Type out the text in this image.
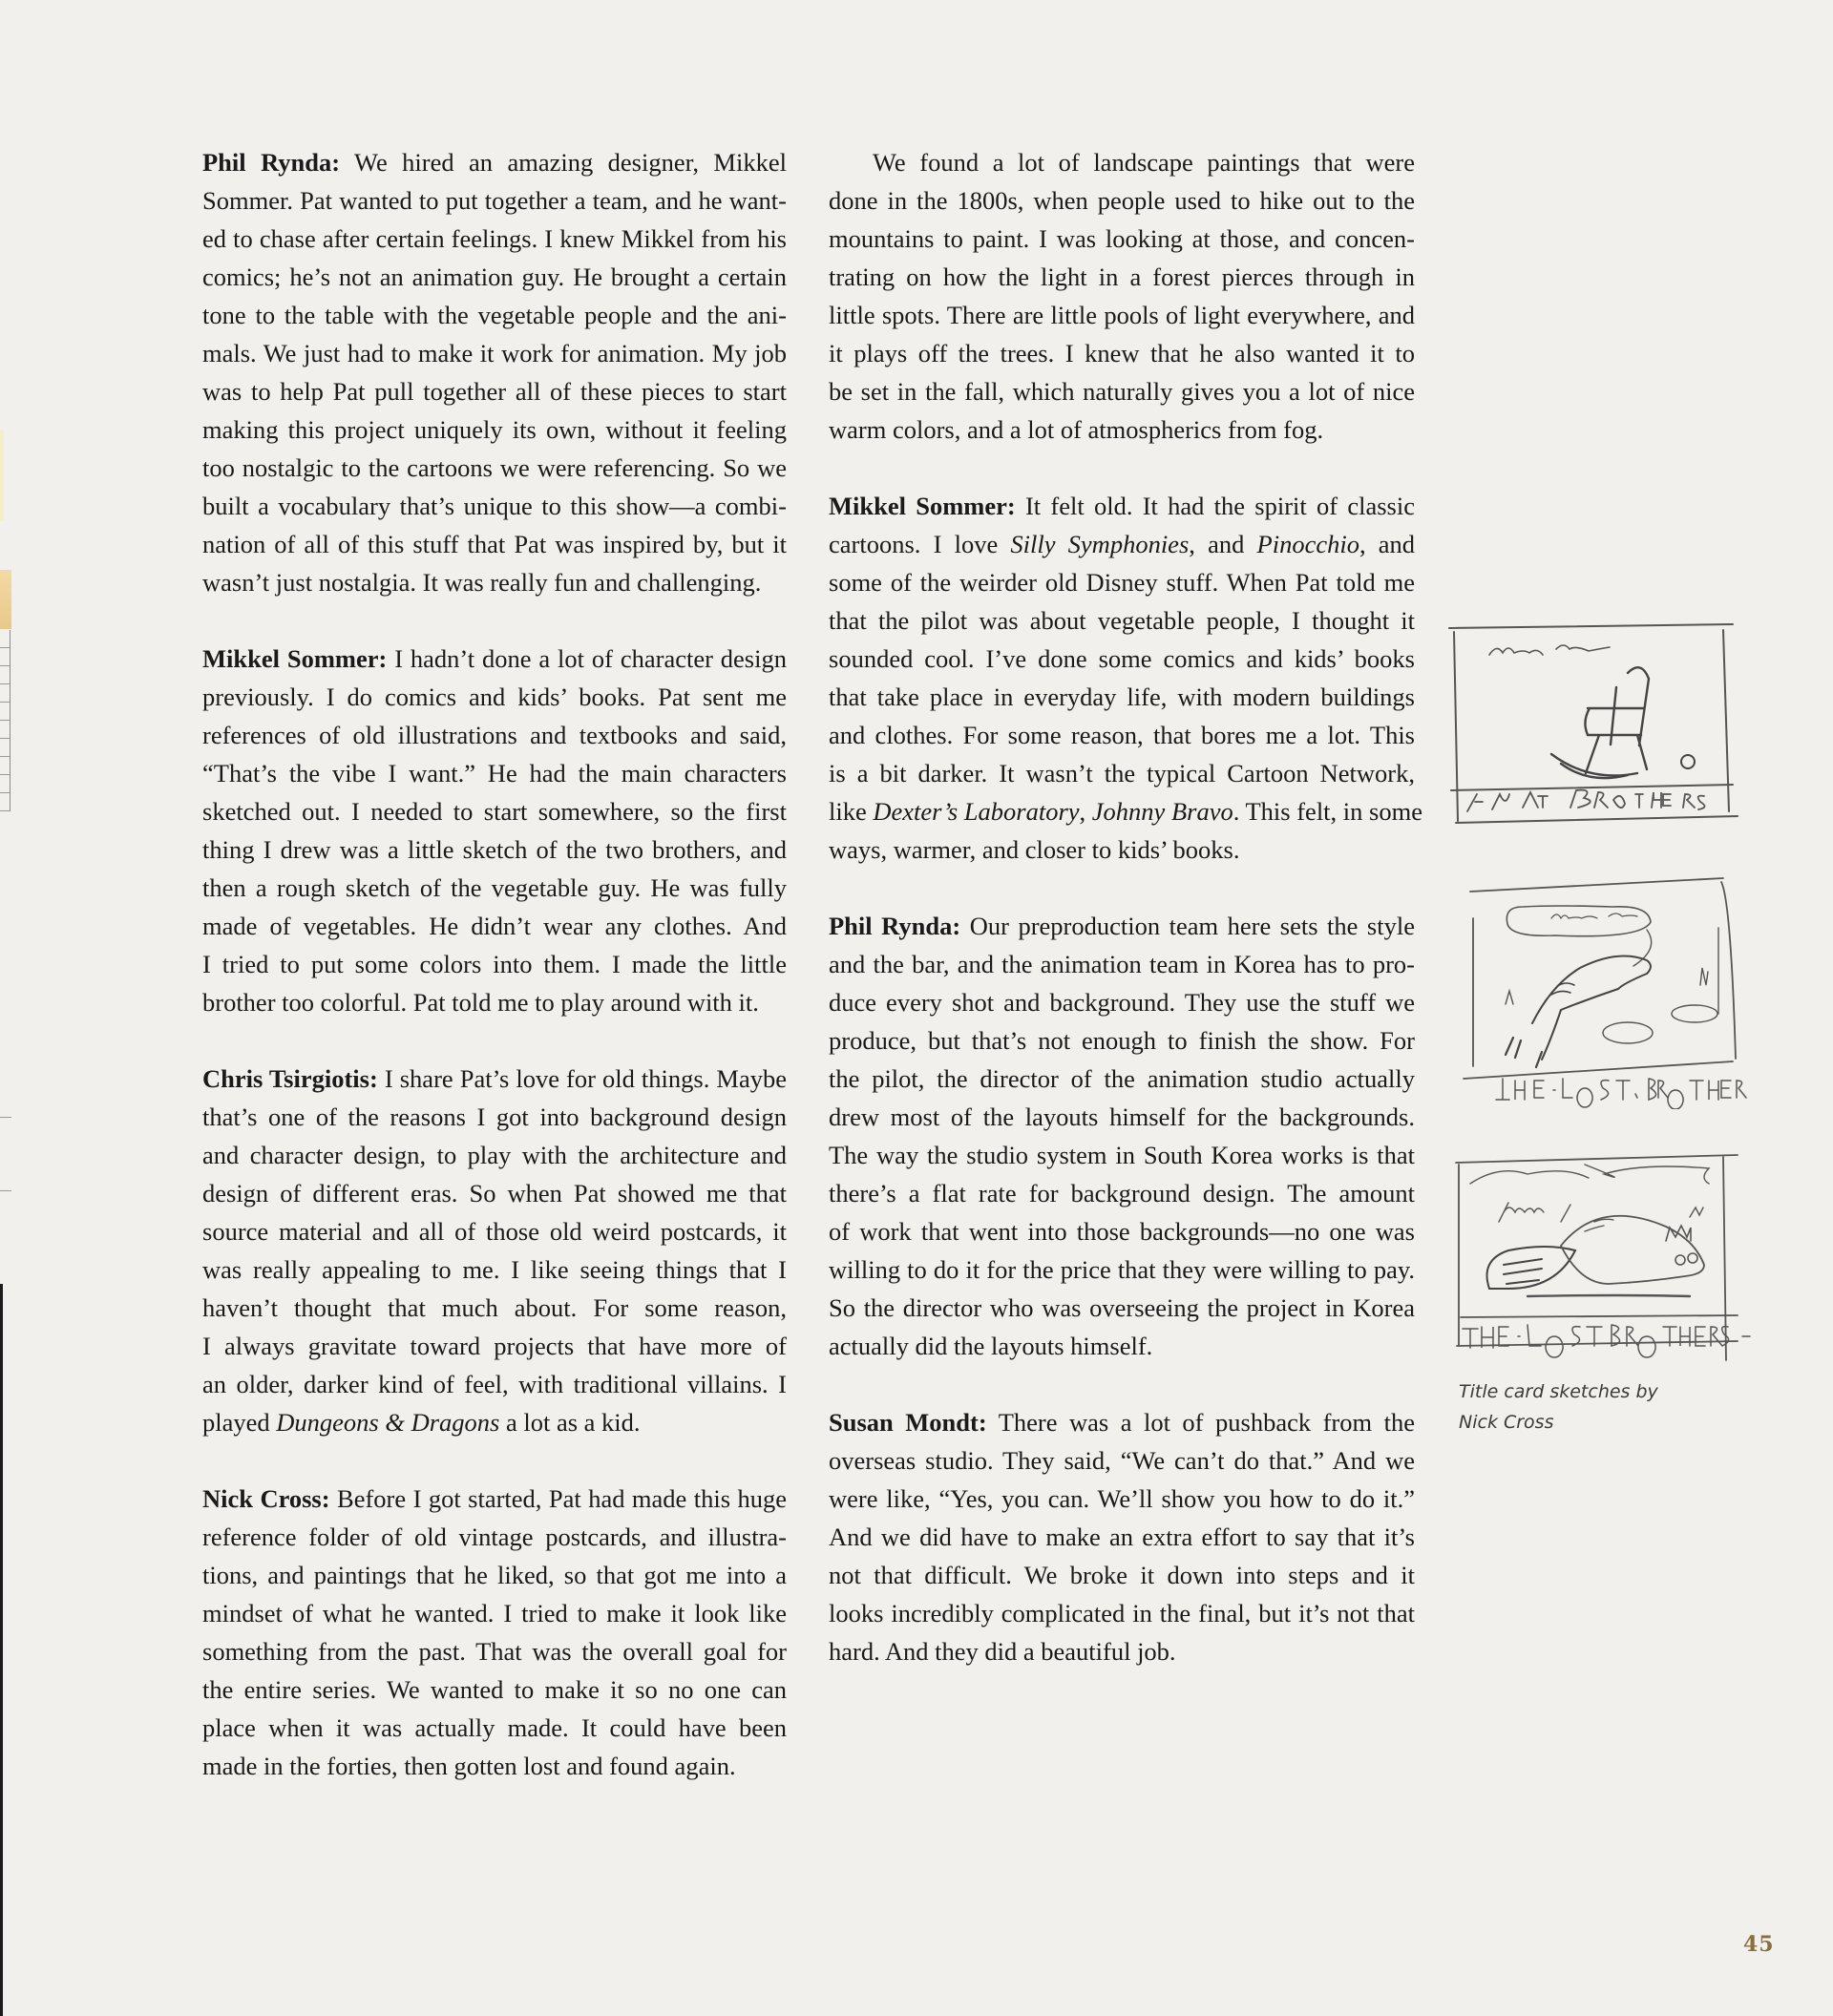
Phil Rynda: We hired an amazing designer, Mikkel
Sommer. Pat wanted to put together a team, and he want-
ed to chase after certain feelings. I knew Mikkel from his
comics; he’s not an animation guy. He brought a certain
tone to the table with the vegetable people and the ani-
mals. We just had to make it work for animation. My job
was to help Pat pull together all of these pieces to start
making this project uniquely its own, without it feeling
too nostalgic to the cartoons we were referencing. So we
built a vocabulary that’s unique to this show—a combi-
nation of all of this stuff that Pat was inspired by, but it
wasn’t just nostalgia. It was really fun and challenging.
Mikkel Sommer: I hadn’t done a lot of character design
previously. I do comics and kids’ books. Pat sent me
references of old illustrations and textbooks and said,
“That’s the vibe I want.” He had the main characters
sketched out. I needed to start somewhere, so the first
thing I drew was a little sketch of the two brothers, and
then a rough sketch of the vegetable guy. He was fully
made of vegetables. He didn’t wear any clothes. And
I tried to put some colors into them. I made the little
brother too colorful. Pat told me to play around with it.
Chris Tsirgiotis: I share Pat’s love for old things. Maybe
that’s one of the reasons I got into background design
and character design, to play with the architecture and
design of different eras. So when Pat showed me that
source material and all of those old weird postcards, it
was really appealing to me. I like seeing things that I
haven’t thought that much about. For some reason,
I always gravitate toward projects that have more of
an older, darker kind of feel, with traditional villains. I
played Dungeons & Dragons a lot as a kid.
Nick Cross: Before I got started, Pat had made this huge
reference folder of old vintage postcards, and illustra-
tions, and paintings that he liked, so that got me into a
mindset of what he wanted. I tried to make it look like
something from the past. That was the overall goal for
the entire series. We wanted to make it so no one can
place when it was actually made. It could have been
made in the forties, then gotten lost and found again.
We found a lot of landscape paintings that were
done in the 1800s, when people used to hike out to the
mountains to paint. I was looking at those, and concen-
trating on how the light in a forest pierces through in
little spots. There are little pools of light everywhere, and
it plays off the trees. I knew that he also wanted it to
be set in the fall, which naturally gives you a lot of nice
warm colors, and a lot of atmospherics from fog.
Mikkel Sommer: It felt old. It had the spirit of classic
cartoons. I love Silly Symphonies, and Pinocchio, and
some of the weirder old Disney stuff. When Pat told me
that the pilot was about vegetable people, I thought it
sounded cool. I’ve done some comics and kids’ books
that take place in everyday life, with modern buildings
and clothes. For some reason, that bores me a lot. This
is a bit darker. It wasn’t the typical Cartoon Network,
like Dexter’s Laboratory, Johnny Bravo. This felt, in some
ways, warmer, and closer to kids’ books.
Phil Rynda: Our preproduction team here sets the style
and the bar, and the animation team in Korea has to pro-
duce every shot and background. They use the stuff we
produce, but that’s not enough to finish the show. For
the pilot, the director of the animation studio actually
drew most of the layouts himself for the backgrounds.
The way the studio system in South Korea works is that
there’s a flat rate for background design. The amount
of work that went into those backgrounds—no one was
willing to do it for the price that they were willing to pay.
So the director who was overseeing the project in Korea
actually did the layouts himself.
Susan Mondt: There was a lot of pushback from the
overseas studio. They said, “We can’t do that.” And we
were like, “Yes, you can. We’ll show you how to do it.”
And we did have to make an extra effort to say that it’s
not that difficult. We broke it down into steps and it
looks incredibly complicated in the final, but it’s not that
hard. And they did a beautiful job.
Title card sketches by
Nick Cross
45
